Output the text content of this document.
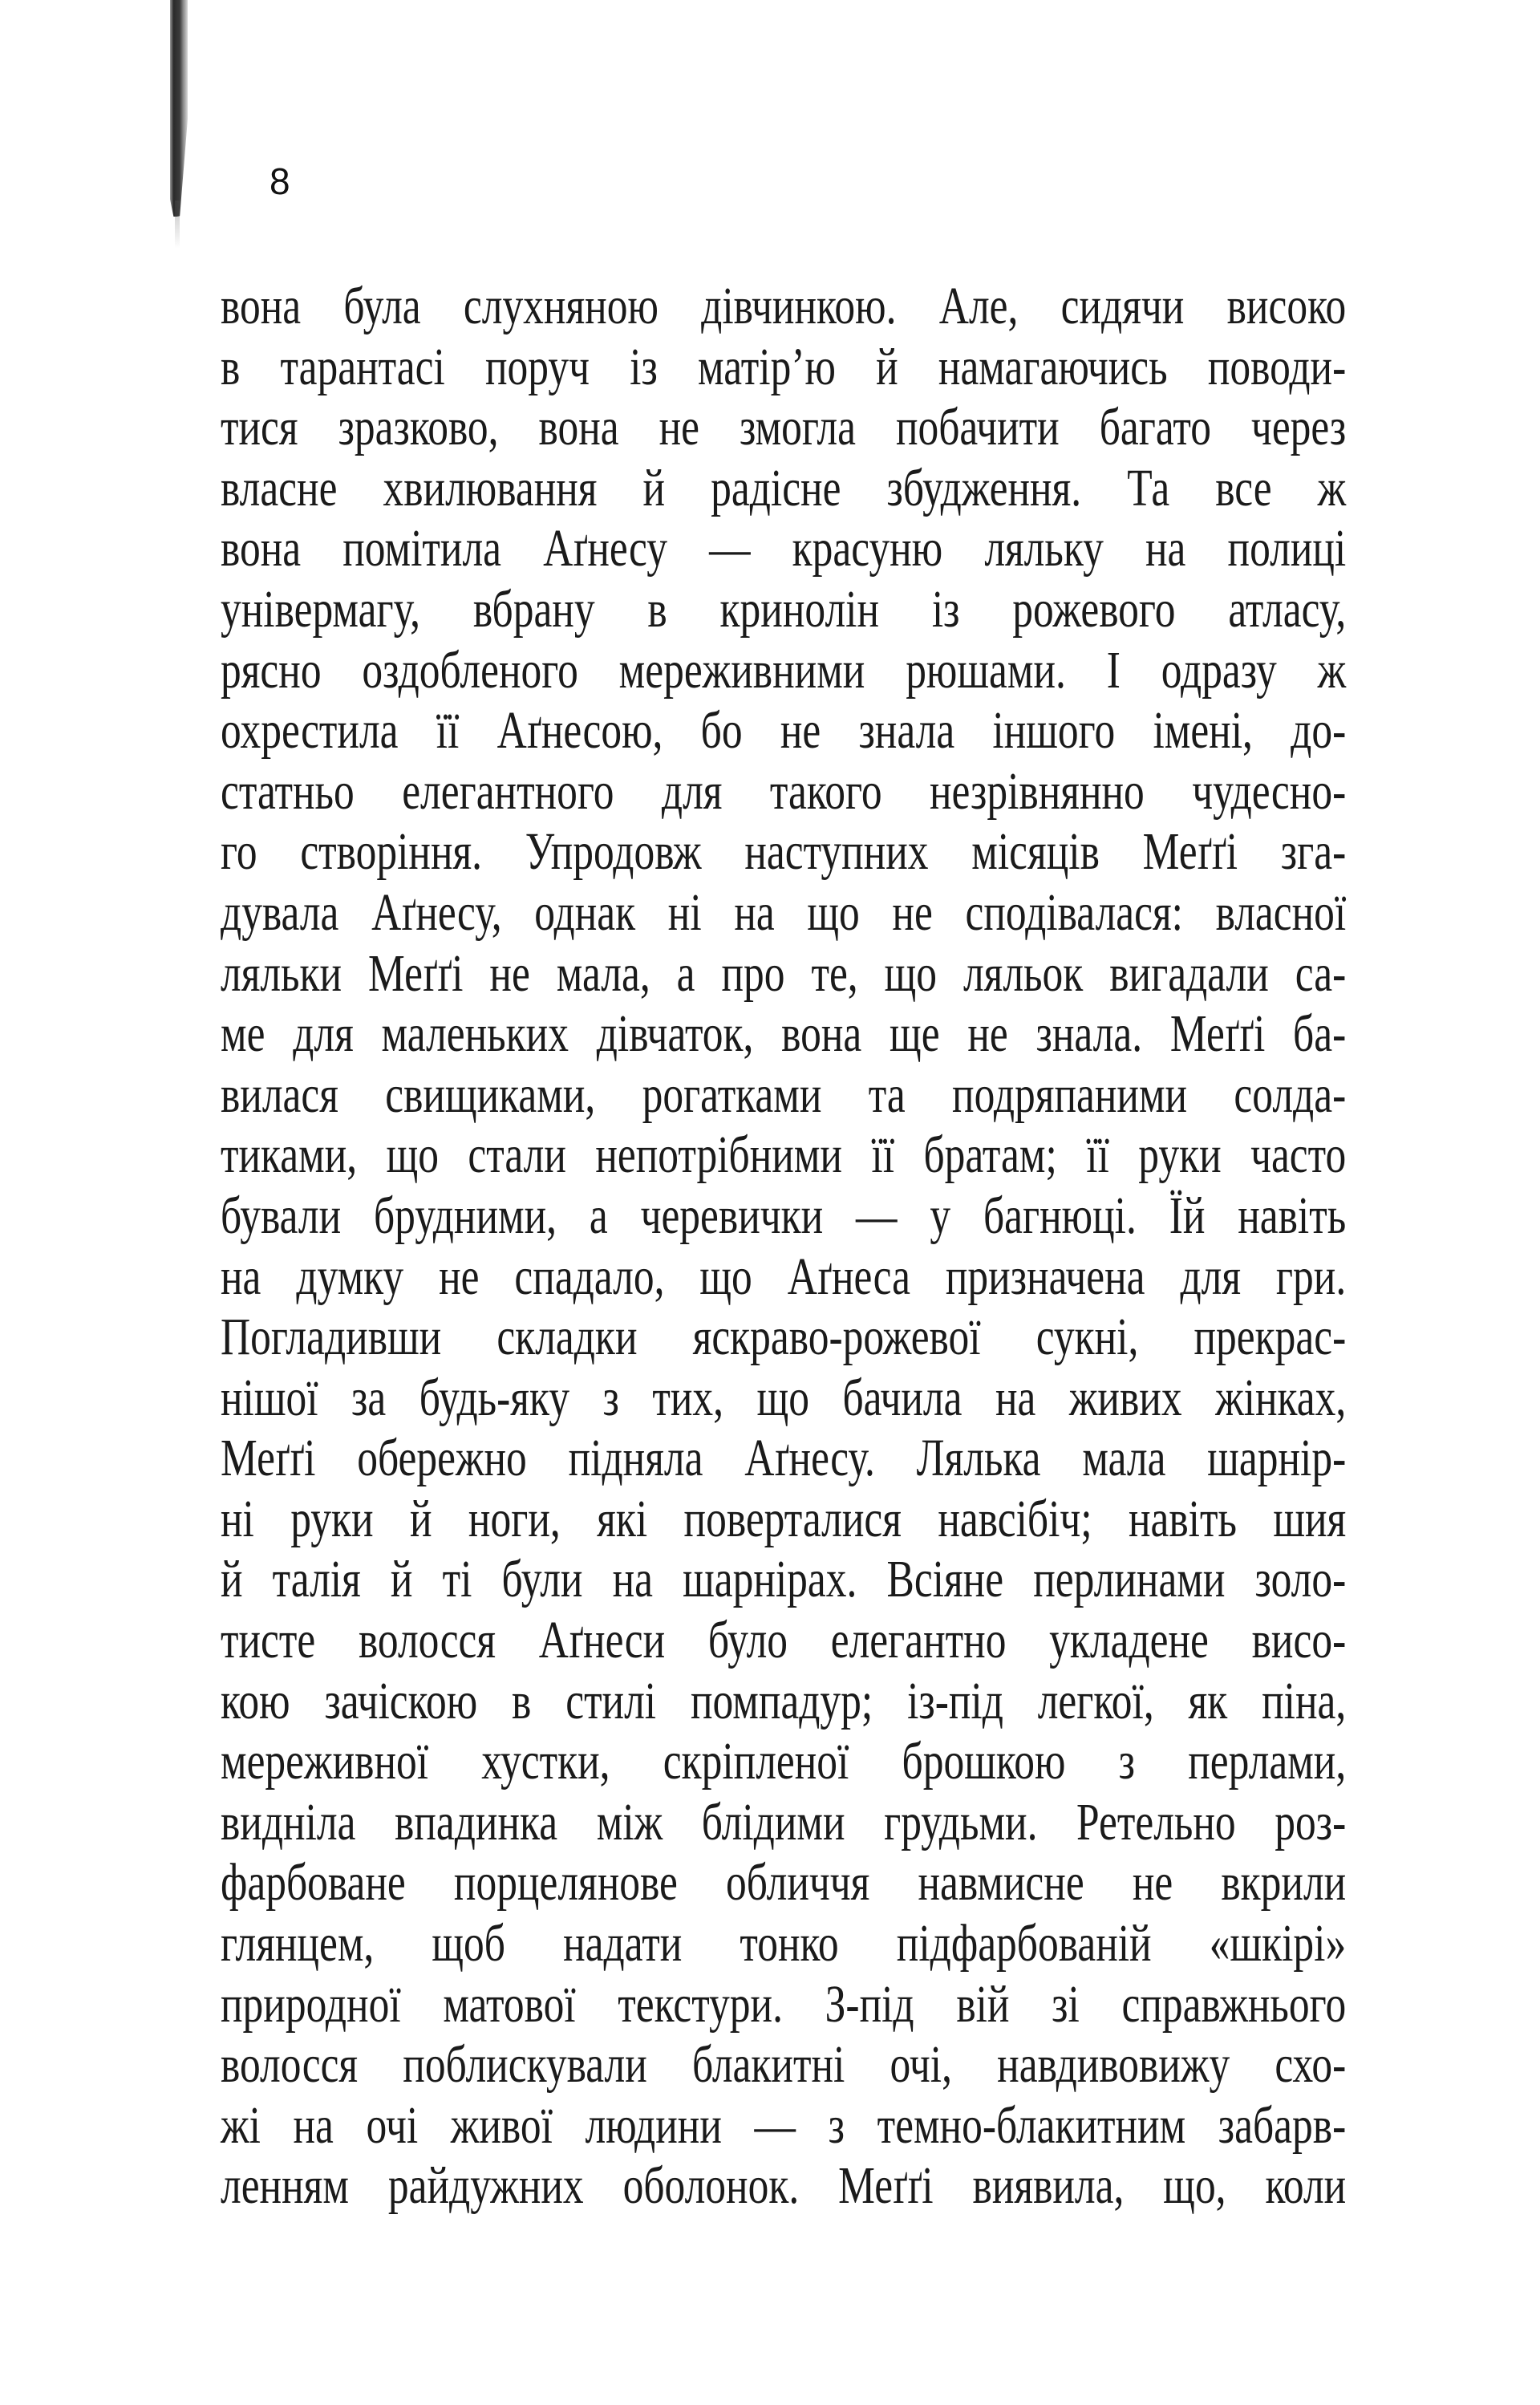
8
вона була слухняною дівчинкою. Але, сидячи високо
в тарантасі поруч із матір’ю й намагаючись поводи-
тися зразково, вона не змогла побачити багато через
власне хвилювання й радісне збудження. Та все ж
вона помітила Аґнесу — красуню ляльку на полиці
універмагу, вбрану в кринолін із рожевого атласу,
рясно оздобленого мереживними рюшами. І одразу ж
охрестила її Аґнесою, бо не знала іншого імені, до-
статньо елегантного для такого незрівнянно чудесно-
го створіння. Упродовж наступних місяців Меґґі зга-
дувала Аґнесу, однак ні на що не сподівалася: власної
ляльки Меґґі не мала, а про те, що ляльок вигадали са-
ме для маленьких дівчаток, вона ще не знала. Меґґі ба-
вилася свищиками, рогатками та подряпаними солда-
тиками, що стали непотрібними її братам; її руки часто
бували брудними, а черевички — у багнюці. Їй навіть
на думку не спадало, що Аґнеса призначена для гри.
Погладивши складки яскраво-рожевої сукні, прекрас-
нішої за будь-яку з тих, що бачила на живих жінках,
Меґґі обережно підняла Аґнесу. Лялька мала шарнір-
ні руки й ноги, які поверталися навсібіч; навіть шия
й талія й ті були на шарнірах. Всіяне перлинами золо-
тисте волосся Аґнеси було елегантно укладене висо-
кою зачіскою в стилі помпадур; із-під легкої, як піна,
мереживної хустки, скріпленої брошкою з перлами,
видніла впадинка між блідими грудьми. Ретельно роз-
фарбоване порцелянове обличчя навмисне не вкрили
глянцем, щоб надати тонко підфарбованій «шкірі»
природної матової текстури. З-під вій зі справжнього
волосся поблискували блакитні очі, навдивовижу схо-
жі на очі живої людини — з темно-блакитним забарв-
ленням райдужних оболонок. Меґґі виявила, що, коли
